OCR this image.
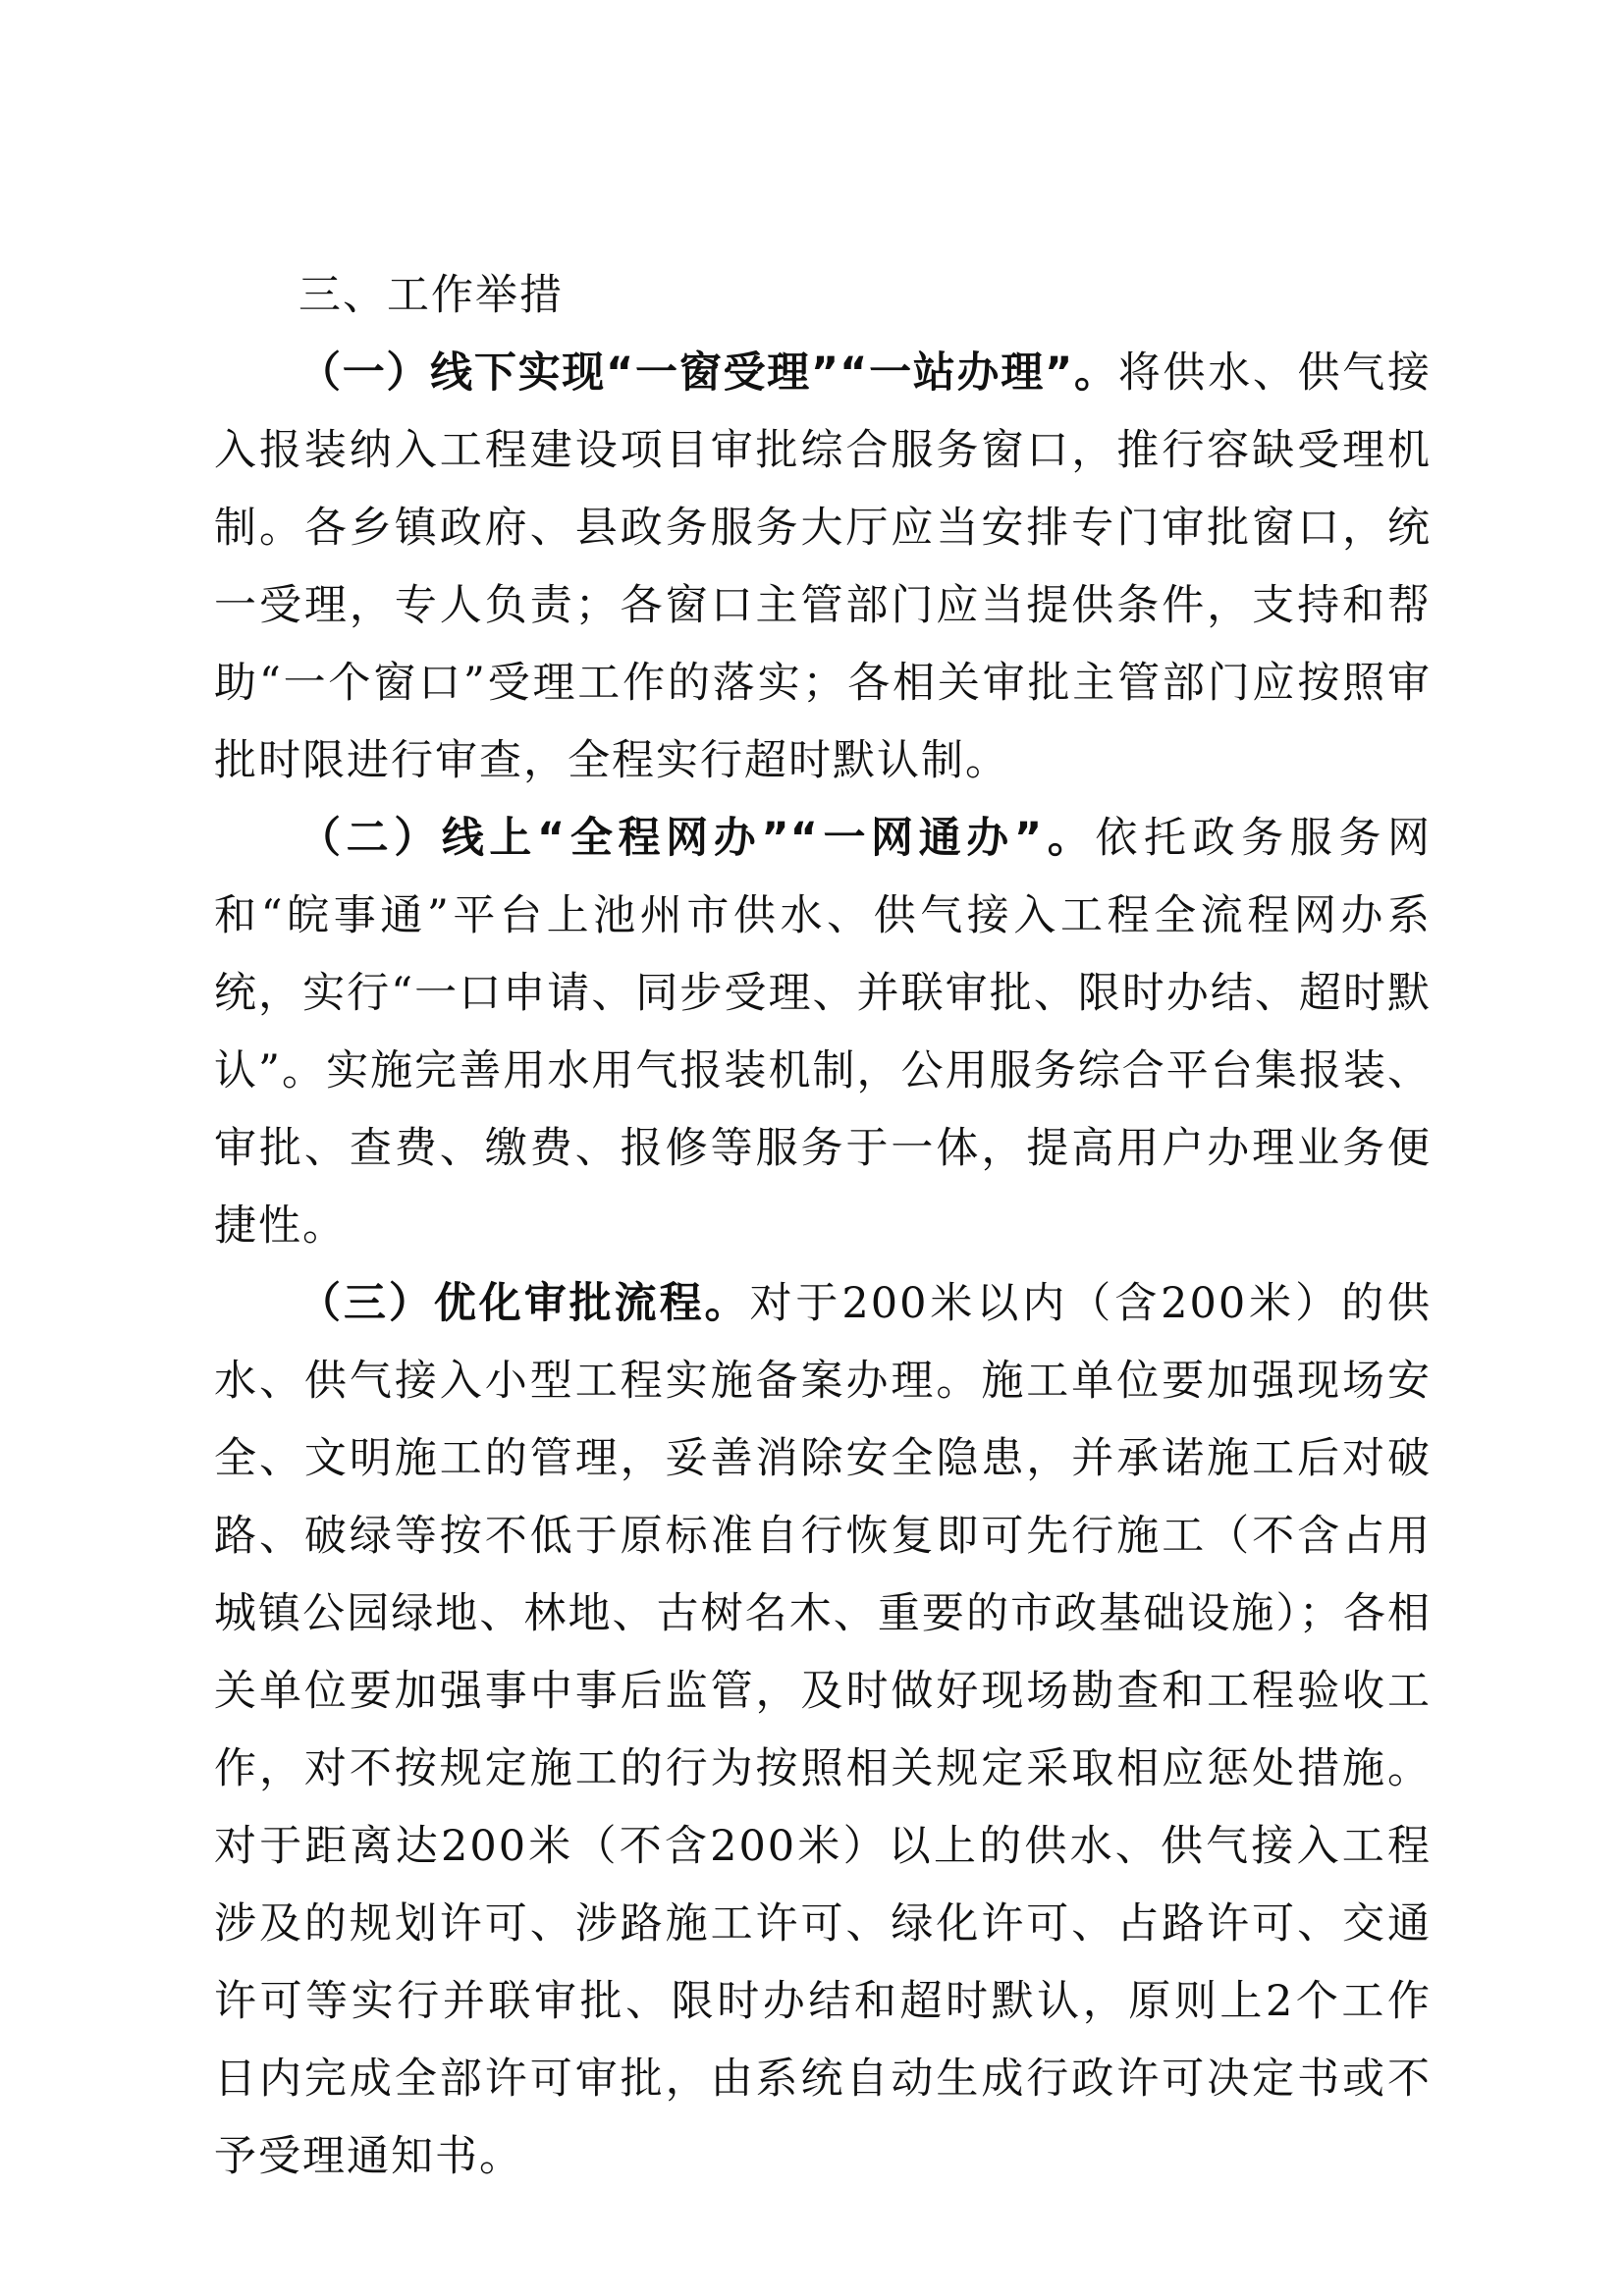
三、工作举措

（一）线下实现“一窗受理”“一站办理”。将供水、供气接入报装纳入工程建设项目审批综合服务窗口，推行容缺受理机制。各乡镇政府、县政务服务大厅应当安排专门审批窗口，统一受理，专人负责；各窗口主管部门应当提供条件，支持和帮助“一个窗口”受理工作的落实；各相关审批主管部门应按照审批时限进行审查，全程实行超时默认制。

（二）线上“全程网办”“一网通办”。依托政务服务网和“皖事通”平台上池州市供水、供气接入工程全流程网办系统，实行“一口申请、同步受理、并联审批、限时办结、超时默认”。实施完善用水用气报装机制，公用服务综合平台集报装、审批、查费、缴费、报修等服务于一体，提高用户办理业务便捷性。

（三）优化审批流程。对于200米以内（含200米）的供水、供气接入小型工程实施备案办理。施工单位要加强现场安全、文明施工的管理，妥善消除安全隐患，并承诺施工后对破路、破绿等按不低于原标准自行恢复即可先行施工（不含占用城镇公园绿地、林地、古树名木、重要的市政基础设施）；各相关单位要加强事中事后监管，及时做好现场勘查和工程验收工作，对不按规定施工的行为按照相关规定采取相应惩处措施。对于距离达200米（不含200米）以上的供水、供气接入工程涉及的规划许可、涉路施工许可、绿化许可、占路许可、交通许可等实行并联审批、限时办结和超时默认，原则上2个工作日内完成全部许可审批，由系统自动生成行政许可决定书或不予受理通知书。
